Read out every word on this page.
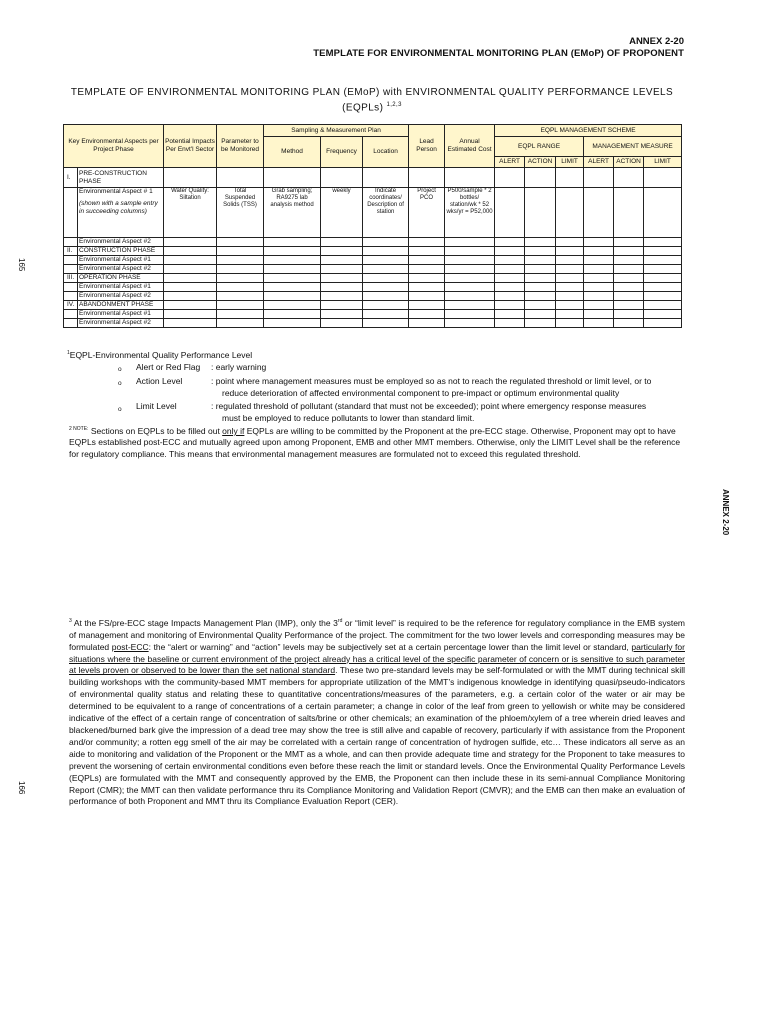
ANNEX 2-20
TEMPLATE FOR ENVIRONMENTAL MONITORING PLAN (EMoP) OF PROPONENT
TEMPLATE OF ENVIRONMENTAL MONITORING PLAN (EMoP) with ENVIRONMENTAL QUALITY PERFORMANCE LEVELS
(EQPLs) $^{1,2,3}$
165
166
ANNEX 2-20
Key Environmental Aspects per Project Phase		Potential Impacts Per Envt'l Sector	Parameter to be Monitored	Sampling & Measurement Plan			Lead Person	Annual Estimated Cost	EQPL MANAGEMENT SCHEME					
				Method	Frequency	Location			EQPL RANGE			MANAGEMENT MEASURE		
									ALERT	ACTION	LIMIT	ALERT	ACTION	LIMIT
I.	PRE-CONSTRUCTION PHASE													

	Environmental Aspect # 1
(shown with a sample entry in succeeding columns)	Water Quality: Siltation	Total Suspended Solids (TSS)	Grab sampling; RA9275 lab analysis method	weekly	Indicate coordinates/ Description of station	Project PCO	P500/sample * 2 bottles/ station/wk * 52 wks/yr = P52,000						
	Environmental Aspect #2													
II.	CONSTRUCTION PHASE													
	Environmental Aspect #1													
	Environmental Aspect #2													
III.	OPERATION PHASE													
	Environmental Aspect #1													
	Environmental Aspect #2													
IV.	ABANDONMENT PHASE													
	Environmental Aspect #1													
	Environmental Aspect #2													
$^1$EQPL-Environmental Quality Performance Level
o Alert or Red Flag : early warning
o Action Level	: point where management measures must be employed so as not to reach the regulated threshold or limit level, or to
reduce deterioration of affected environmental component to pre-impact or optimum environmental quality
o Limit Level	: regulated threshold of pollutant (standard that must not be exceeded); point where emergency response measures
must be employed to reduce pollutants to lower than standard limit.
$^{2 NOTE:}$ Sections on EQPLs to be filled out only if EQPLs are willing to be committed by the Proponent at the pre-ECC stage. Otherwise, Proponent may opt to have EQPLs established post-ECC and mutually agreed upon among Proponent, EMB and other MMT members. Otherwise, only the LIMIT Level shall be the reference for regulatory compliance. This means that environmental management measures are formulated not to exceed this regulated threshold.
$^3$ At the FS/pre-ECC stage Impacts Management Plan (IMP), only the 3rd or “limit level” is required to be the reference for regulatory compliance in the EMB system of management and monitoring of Environmental Quality Performance of the project. The commitment for the two lower levels and corresponding measures may be formulated post-ECC: the “alert or warning” and “action” levels may be subjectively set at a certain percentage lower than the limit level or standard, particularly for situations where the baseline or current environment of the project already has a critical level of the specific parameter of concern or is sensitive to such parameter at levels proven or observed to be lower than the set national standard. These two pre-standard levels may be self-formulated or with the MMT during technical skill building workshops with the community-based MMT members for appropriate utilization of the MMT’s indigenous knowledge in identifying quasi/pseudo-indicators of environmental quality status and relating these to quantitative concentrations/measures of the parameters, e.g. a certain color of the water or air may be determined to be equivalent to a range of concentrations of a certain parameter; a change in color of the leaf from green to yellowish or white may be considered indicative of the effect of a certain range of concentration of salts/brine or other chemicals; an examination of the phloem/xylem of a tree wherein dried leaves and blackened/burned bark give the impression of a dead tree may show the tree is still alive and capable of recovery, particularly if with assistance from the Proponent and/or community; a rotten egg smell of the air may be correlated with a certain range of concentration of hydrogen sulfide, etc… These indicators all serve as an aide to monitoring and validation of the Proponent or the MMT as a whole, and can then provide adequate time and strategy for the Proponent to take measures to prevent the worsening of certain environmental conditions even before these reach the limit or standard levels. Once the Environmental Quality Performance Levels (EQPLs) are formulated with the MMT and consequently approved by the EMB, the Proponent can then include these in its semi-annual Compliance Monitoring Report (CMR); the MMT can then validate performance thru its Compliance Monitoring and Validation Report (CMVR); and the EMB can then make an evaluation of performance of both Proponent and MMT thru its Compliance Evaluation Report (CER).
